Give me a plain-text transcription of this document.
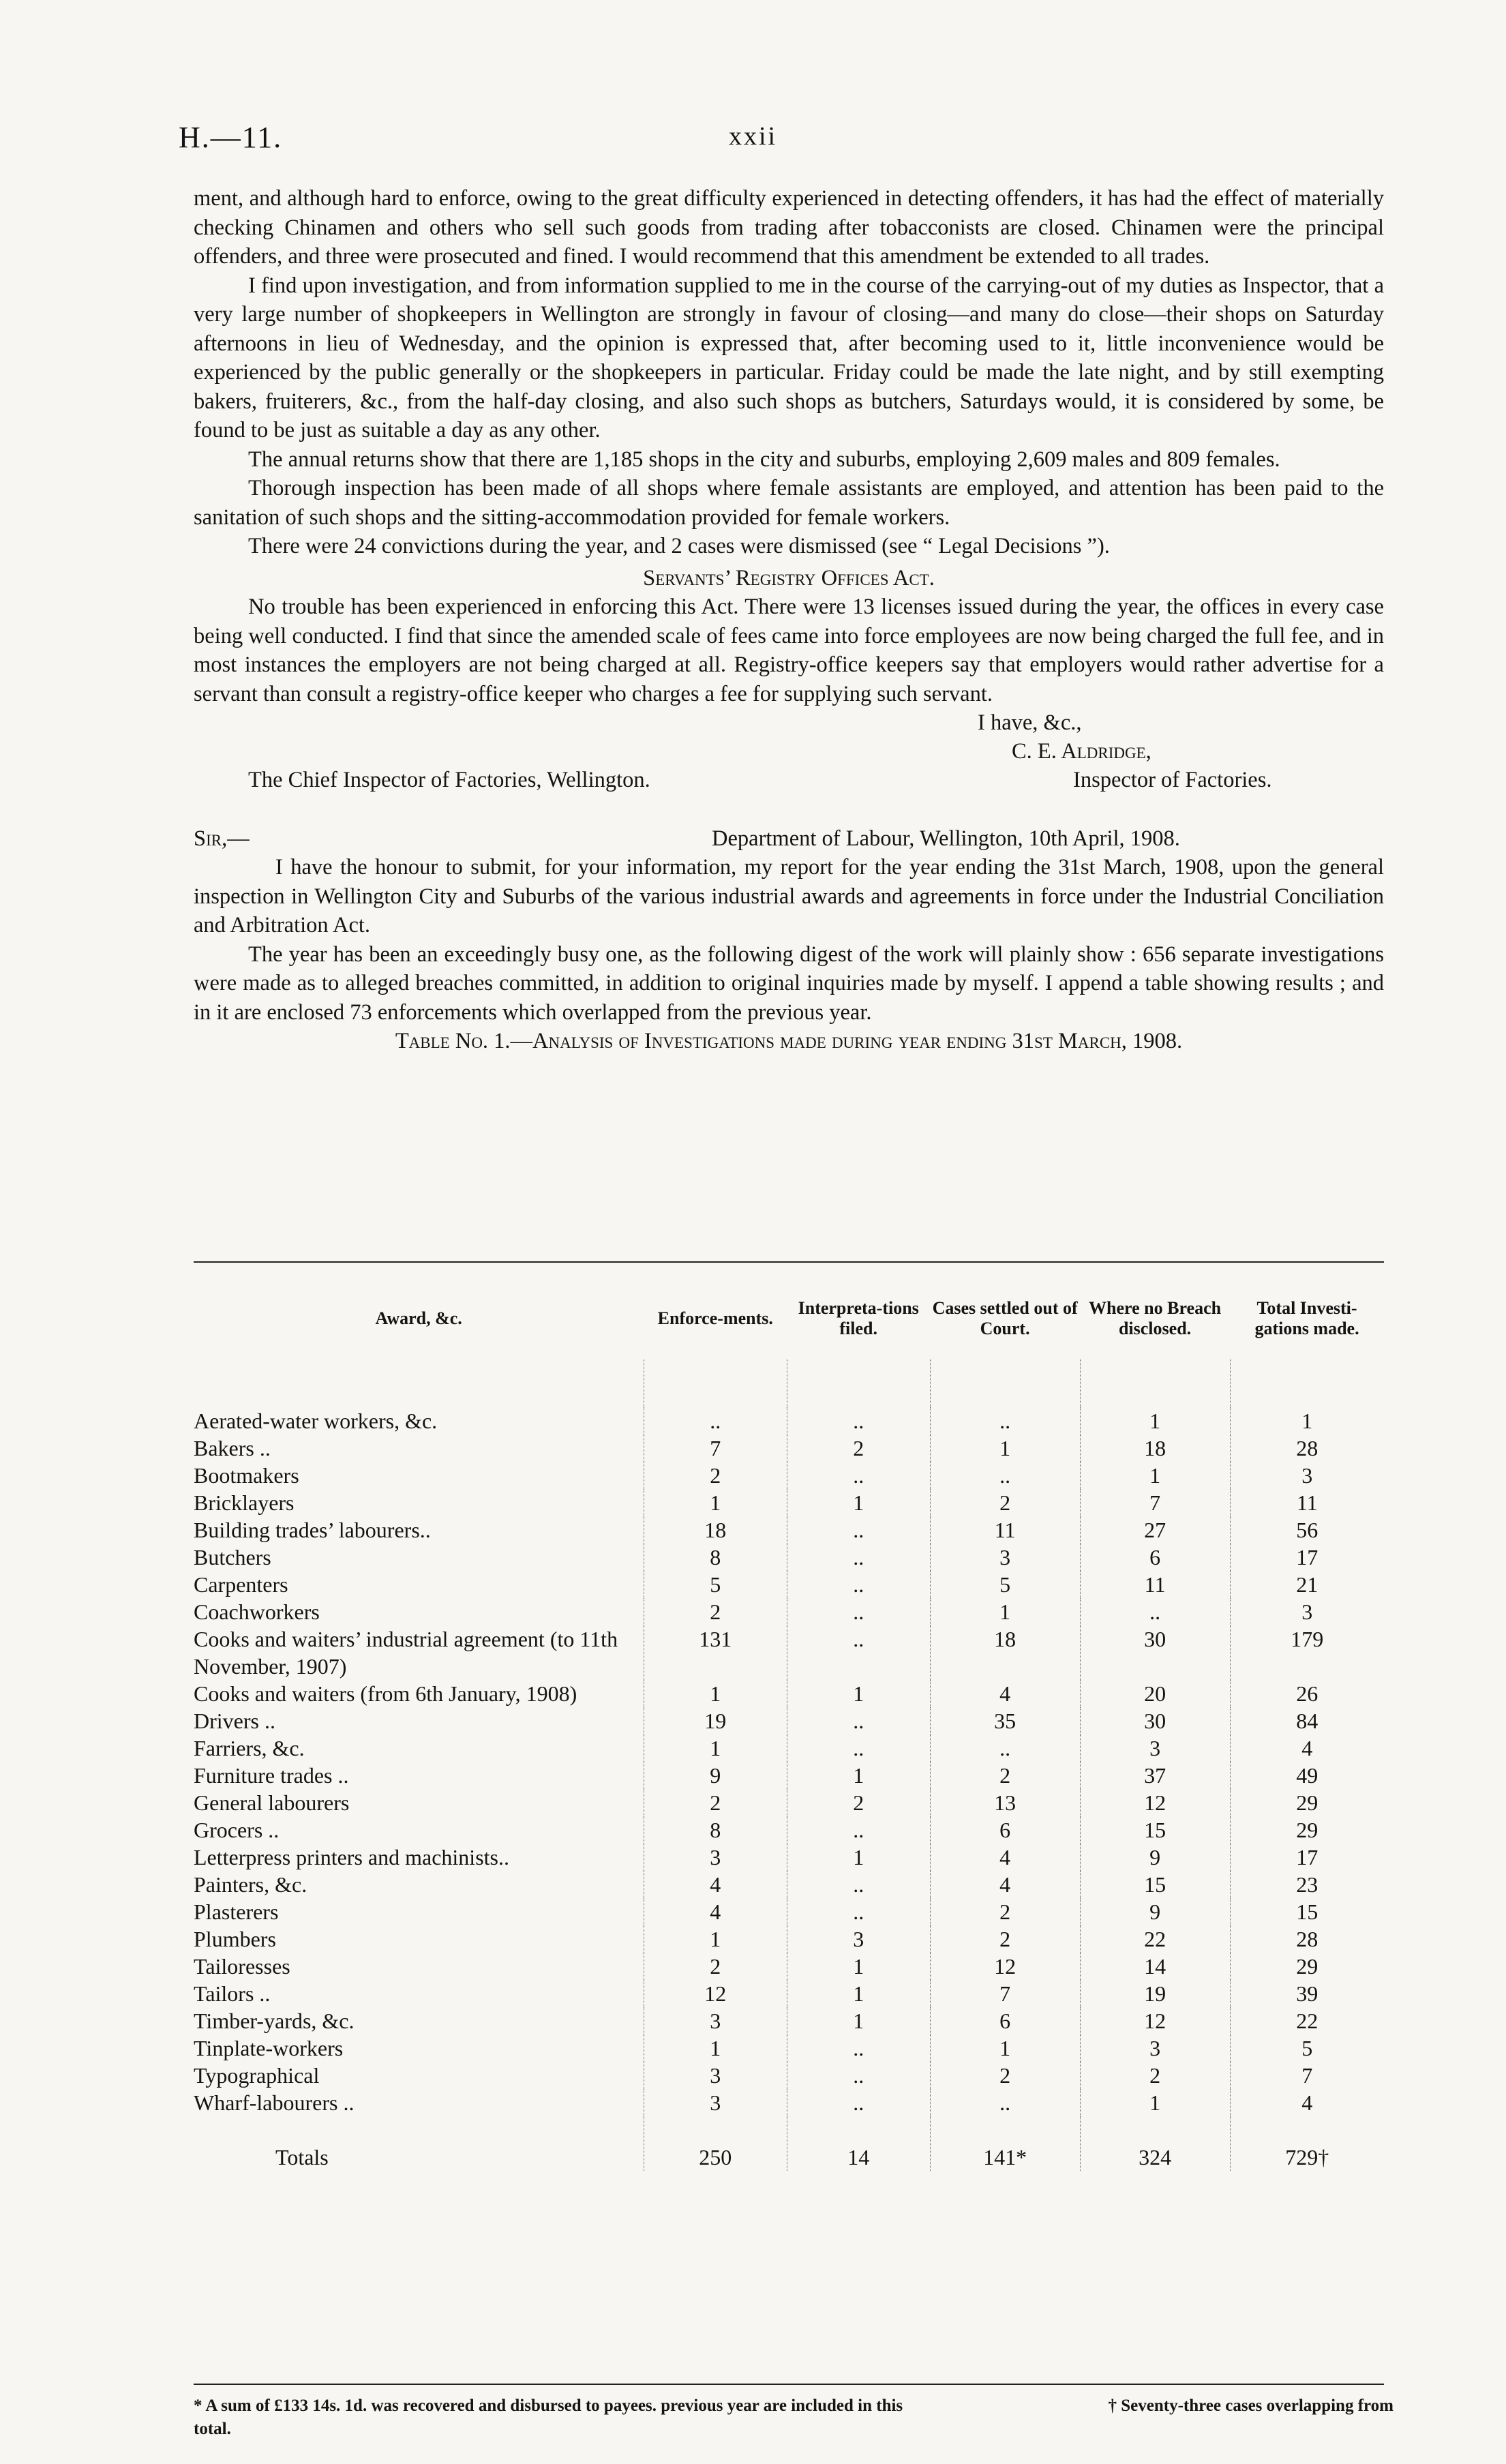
H.—11.	xxii

ment, and although hard to enforce, owing to the great difficulty experienced in detecting offenders, it has had the effect of materially checking Chinamen and others who sell such goods from trading after tobacconists are closed. Chinamen were the principal offenders, and three were prosecuted and fined. I would recommend that this amendment be extended to all trades.

I find upon investigation, and from information supplied to me in the course of the carrying-out of my duties as Inspector, that a very large number of shopkeepers in Wellington are strongly in favour of closing—and many do close—their shops on Saturday afternoons in lieu of Wednesday, and the opinion is expressed that, after becoming used to it, little inconvenience would be experienced by the public generally or the shopkeepers in particular. Friday could be made the late night, and by still exempting bakers, fruiterers, &c., from the half-day closing, and also such shops as butchers, Saturdays would, it is considered by some, be found to be just as suitable a day as any other.

The annual returns show that there are 1,185 shops in the city and suburbs, employing 2,609 males and 809 females.

Thorough inspection has been made of all shops where female assistants are employed, and attention has been paid to the sanitation of such shops and the sitting-accommodation provided for female workers.

There were 24 convictions during the year, and 2 cases were dismissed (see “ Legal Decisions ”).

Servants’ Registry Offices Act.

No trouble has been experienced in enforcing this Act. There were 13 licenses issued during the year, the offices in every case being well conducted. I find that since the amended scale of fees came into force employees are now being charged the full fee, and in most instances the employers are not being charged at all. Registry-office keepers say that employers would rather advertise for a servant than consult a registry-office keeper who charges a fee for supplying such servant.

I have, &c.,
C. E. Aldridge,
The Chief Inspector of Factories, Wellington.	Inspector of Factories.
Sir,—	Department of Labour, Wellington, 10th April, 1908.

I have the honour to submit, for your information, my report for the year ending the 31st March, 1908, upon the general inspection in Wellington City and Suburbs of the various industrial awards and agreements in force under the Industrial Conciliation and Arbitration Act.

The year has been an exceedingly busy one, as the following digest of the work will plainly show : 656 separate investigations were made as to alleged breaches committed, in addition to original inquiries made by myself. I append a table showing results ; and in it are enclosed 73 enforcements which overlapped from the previous year.

Table No. 1.—Analysis of Investigations made during year ending 31st March, 1908.

Award, &c.	Enforce-ments.	Interpreta-tions filed.	Cases settled out of Court.	Where no Breach disclosed.	Total Investi-gations made.

Aerated-water workers, &c.	..	..	..	1	1
Bakers ..	7	2	1	18	28
Bootmakers	2	..	..	1	3
Bricklayers	1	1	2	7	11
Building trades’ labourers..	18	..	11	27	56
Butchers	8	..	3	6	17
Carpenters	5	..	5	11	21
Coachworkers	2	..	1	..	3
Cooks and waiters’ industrial agreement (to 11th November, 1907)	131	..	18	30	179
Cooks and waiters (from 6th January, 1908)	1	1	4	20	26
Drivers ..	19	..	35	30	84
Farriers, &c.	1	..	..	3	4
Furniture trades ..	9	1	2	37	49
General labourers	2	2	13	12	29
Grocers ..	8	..	6	15	29
Letterpress printers and machinists..	3	1	4	9	17
Painters, &c.	4	..	4	15	23
Plasterers	4	..	2	9	15
Plumbers	1	3	2	22	28
Tailoresses	2	1	12	14	29
Tailors ..	12	1	7	19	39
Timber-yards, &c.	3	1	6	12	22
Tinplate-workers	1	..	1	3	5
Typographical	3	..	2	2	7
Wharf-labourers ..	3	..	..	1	4
Totals	250	14	141*	324	729†
* A sum of £133 14s. 1d. was recovered and disbursed to payees. previous year are included in this total.
† Seventy-three cases overlapping from
